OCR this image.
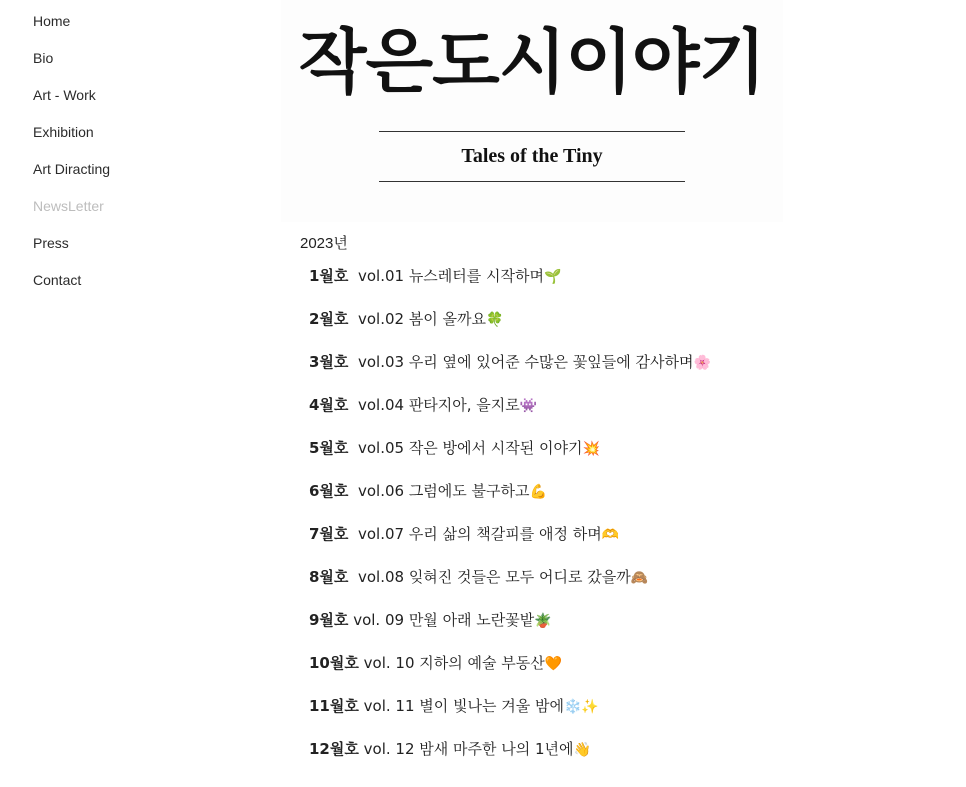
Home
Bio
Art - Work
Exhibition
Art Diracting
NewsLetter
Press
Contact
작은도시이야기
Tales of the Tiny
2023년
1월호 vol.01 뉴스레터를 시작하며🌱
2월호 vol.02 봄이 올까요🍀
3월호 vol.03 우리 옆에 있어준 수많은 꽃잎들에 감사하며🌸
4월호 vol.04 판타지아, 을지로👾
5월호 vol.05 작은 방에서 시작된 이야기💥
6월호 vol.06 그럼에도 불구하고💪
7월호 vol.07 우리 삶의 책갈피를 애정 하며🫶
8월호 vol.08 잊혀진 것들은 모두 어디로 갔을까🙈
9월호 vol. 09 만월 아래 노란꽃밭🪴
10월호 vol. 10 지하의 예술 부동산🧡
11월호 vol. 11 별이 빛나는 겨울 밤에❄️✨
12월호 vol. 12 밤새 마주한 나의 1년에👋
